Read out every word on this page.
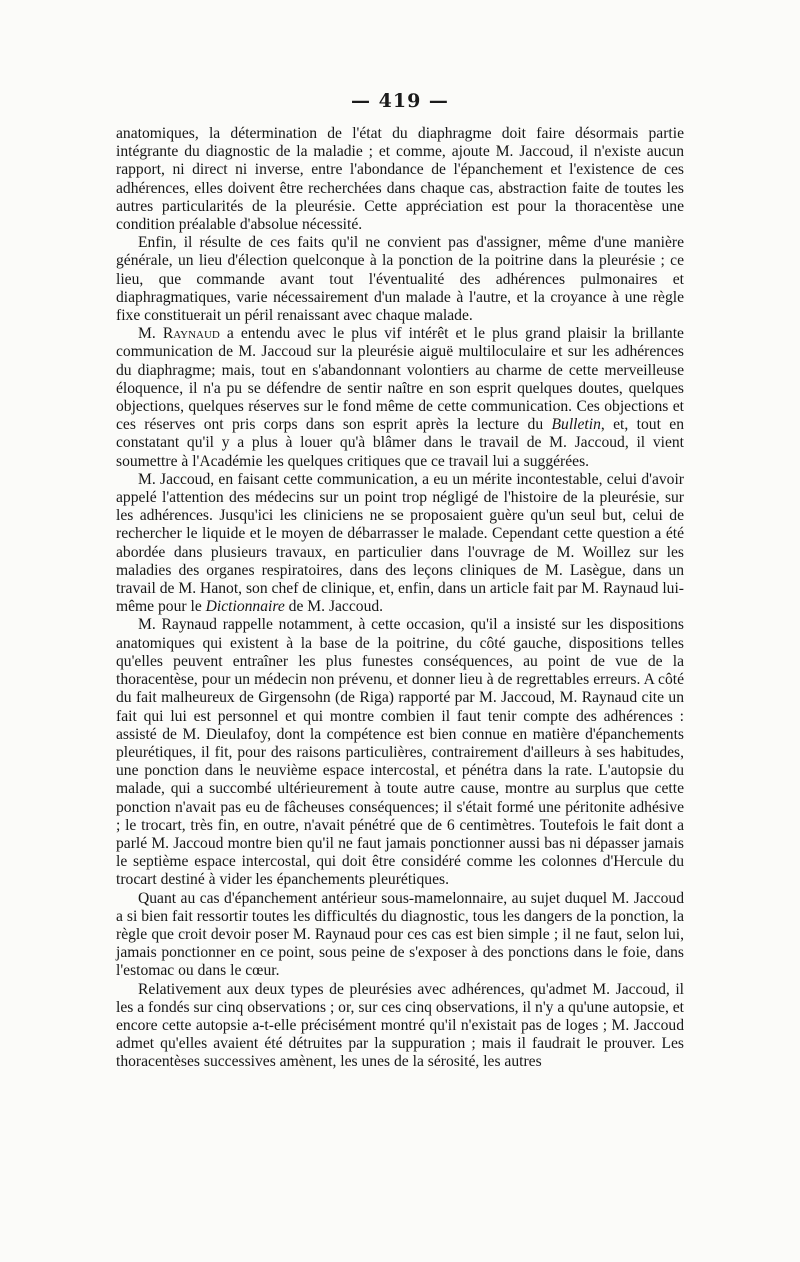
— 419 —

anatomiques, la détermination de l'état du diaphragme doit faire désormais partie intégrante du diagnostic de la maladie ; et comme, ajoute M. Jaccoud, il n'existe aucun rapport, ni direct ni inverse, entre l'abondance de l'épanchement et l'existence de ces adhérences, elles doivent être recherchées dans chaque cas, abstraction faite de toutes les autres particularités de la pleurésie. Cette appréciation est pour la thoracentèse une condition préalable d'absolue nécessité.

Enfin, il résulte de ces faits qu'il ne convient pas d'assigner, même d'une manière générale, un lieu d'élection quelconque à la ponction de la poitrine dans la pleurésie ; ce lieu, que commande avant tout l'éventualité des adhérences pulmonaires et diaphragmatiques, varie nécessairement d'un malade à l'autre, et la croyance à une règle fixe constituerait un péril renaissant avec chaque malade.

M. Raynaud a entendu avec le plus vif intérêt et le plus grand plaisir la brillante communication de M. Jaccoud sur la pleurésie aiguë multiloculaire et sur les adhérences du diaphragme; mais, tout en s'abandonnant volontiers au charme de cette merveilleuse éloquence, il n'a pu se défendre de sentir naître en son esprit quelques doutes, quelques objections, quelques réserves sur le fond même de cette communication. Ces objections et ces réserves ont pris corps dans son esprit après la lecture du Bulletin, et, tout en constatant qu'il y a plus à louer qu'à blâmer dans le travail de M. Jaccoud, il vient soumettre à l'Académie les quelques critiques que ce travail lui a suggérées.

M. Jaccoud, en faisant cette communication, a eu un mérite incontestable, celui d'avoir appelé l'attention des médecins sur un point trop négligé de l'histoire de la pleurésie, sur les adhérences. Jusqu'ici les cliniciens ne se proposaient guère qu'un seul but, celui de rechercher le liquide et le moyen de débarrasser le malade. Cependant cette question a été abordée dans plusieurs travaux, en particulier dans l'ouvrage de M. Woillez sur les maladies des organes respiratoires, dans des leçons cliniques de M. Lasègue, dans un travail de M. Hanot, son chef de clinique, et, enfin, dans un article fait par M. Raynaud lui-même pour le Dictionnaire de M. Jaccoud.

M. Raynaud rappelle notamment, à cette occasion, qu'il a insisté sur les dispositions anatomiques qui existent à la base de la poitrine, du côté gauche, dispositions telles qu'elles peuvent entraîner les plus funestes conséquences, au point de vue de la thoracentèse, pour un médecin non prévenu, et donner lieu à de regrettables erreurs. A côté du fait malheureux de Girgensohn (de Riga) rapporté par M. Jaccoud, M. Raynaud cite un fait qui lui est personnel et qui montre combien il faut tenir compte des adhérences : assisté de M. Dieulafoy, dont la compétence est bien connue en matière d'épanchements pleurétiques, il fit, pour des raisons particulières, contrairement d'ailleurs à ses habitudes, une ponction dans le neuvième espace intercostal, et pénétra dans la rate. L'autopsie du malade, qui a succombé ultérieurement à toute autre cause, montre au surplus que cette ponction n'avait pas eu de fâcheuses conséquences; il s'était formé une péritonite adhésive ; le trocart, très fin, en outre, n'avait pénétré que de 6 centimètres. Toutefois le fait dont a parlé M. Jaccoud montre bien qu'il ne faut jamais ponctionner aussi bas ni dépasser jamais le septième espace intercostal, qui doit être considéré comme les colonnes d'Hercule du trocart destiné à vider les épanchements pleurétiques.

Quant au cas d'épanchement antérieur sous-mamelonnaire, au sujet duquel M. Jaccoud a si bien fait ressortir toutes les difficultés du diagnostic, tous les dangers de la ponction, la règle que croit devoir poser M. Raynaud pour ces cas est bien simple ; il ne faut, selon lui, jamais ponctionner en ce point, sous peine de s'exposer à des ponctions dans le foie, dans l'estomac ou dans le cœur.

Relativement aux deux types de pleurésies avec adhérences, qu'admet M. Jaccoud, il les a fondés sur cinq observations ; or, sur ces cinq observations, il n'y a qu'une autopsie, et encore cette autopsie a-t-elle précisément montré qu'il n'existait pas de loges ; M. Jaccoud admet qu'elles avaient été détruites par la suppuration ; mais il faudrait le prouver. Les thoracentèses successives amènent, les unes de la sérosité, les autres
